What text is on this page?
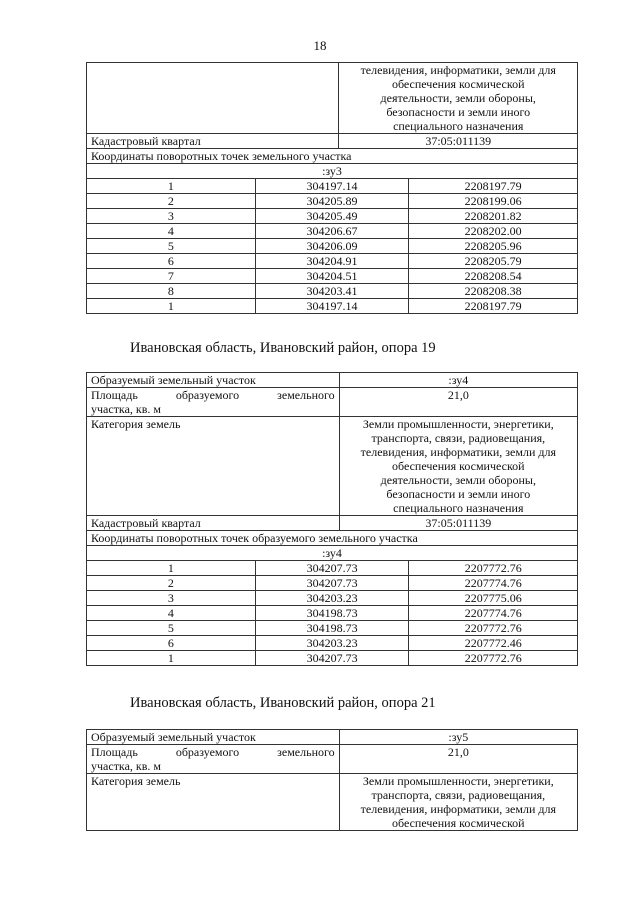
18

		телевидения, информатики, земли для
обеспечения космической
деятельности, земли обороны,
безопасности и земли иного
специального назначения	

Кадастровый квартал		37:05:011139	
Координаты поворотных точек земельного участка			
:зу3			
1	304197.14		2208197.79
2	304205.89		2208199.06
3	304205.49		2208201.82
4	304206.67		2208202.00
5	304206.09		2208205.96
6	304204.91		2208205.79
7	304204.51		2208208.54
8	304203.41		2208208.38
1	304197.14		2208197.79
Ивановская область, Ивановский район, опора 19
Образуемый земельный участок		:зу4	

Площадь образуемого земельного
участка, кв. м		21,0	
Категория земель	Земли промышленности, энергетики,
транспорта, связи, радиовещания,
телевидения, информатики, земли для
обеспечения космической
деятельности, земли обороны,
безопасности и земли иного
специального назначения

Кадастровый квартал		37:05:011139	
Координаты поворотных точек образуемого земельного участка			
:зу4			
1	304207.73		2207772.76
2	304207.73		2207774.76
3	304203.23		2207775.06
4	304198.73		2207774.76
5	304198.73		2207772.76
6	304203.23		2207772.46
1	304207.73		2207772.76
Ивановская область, Ивановский район, опора 21
Образуемый земельный участок	:зу5

Площадь образуемого земельного
участка, кв. м	21,0
Категория земель	Земли промышленности, энергетики,
транспорта, связи, радиовещания,
телевидения, информатики, земли для
обеспечения космической
